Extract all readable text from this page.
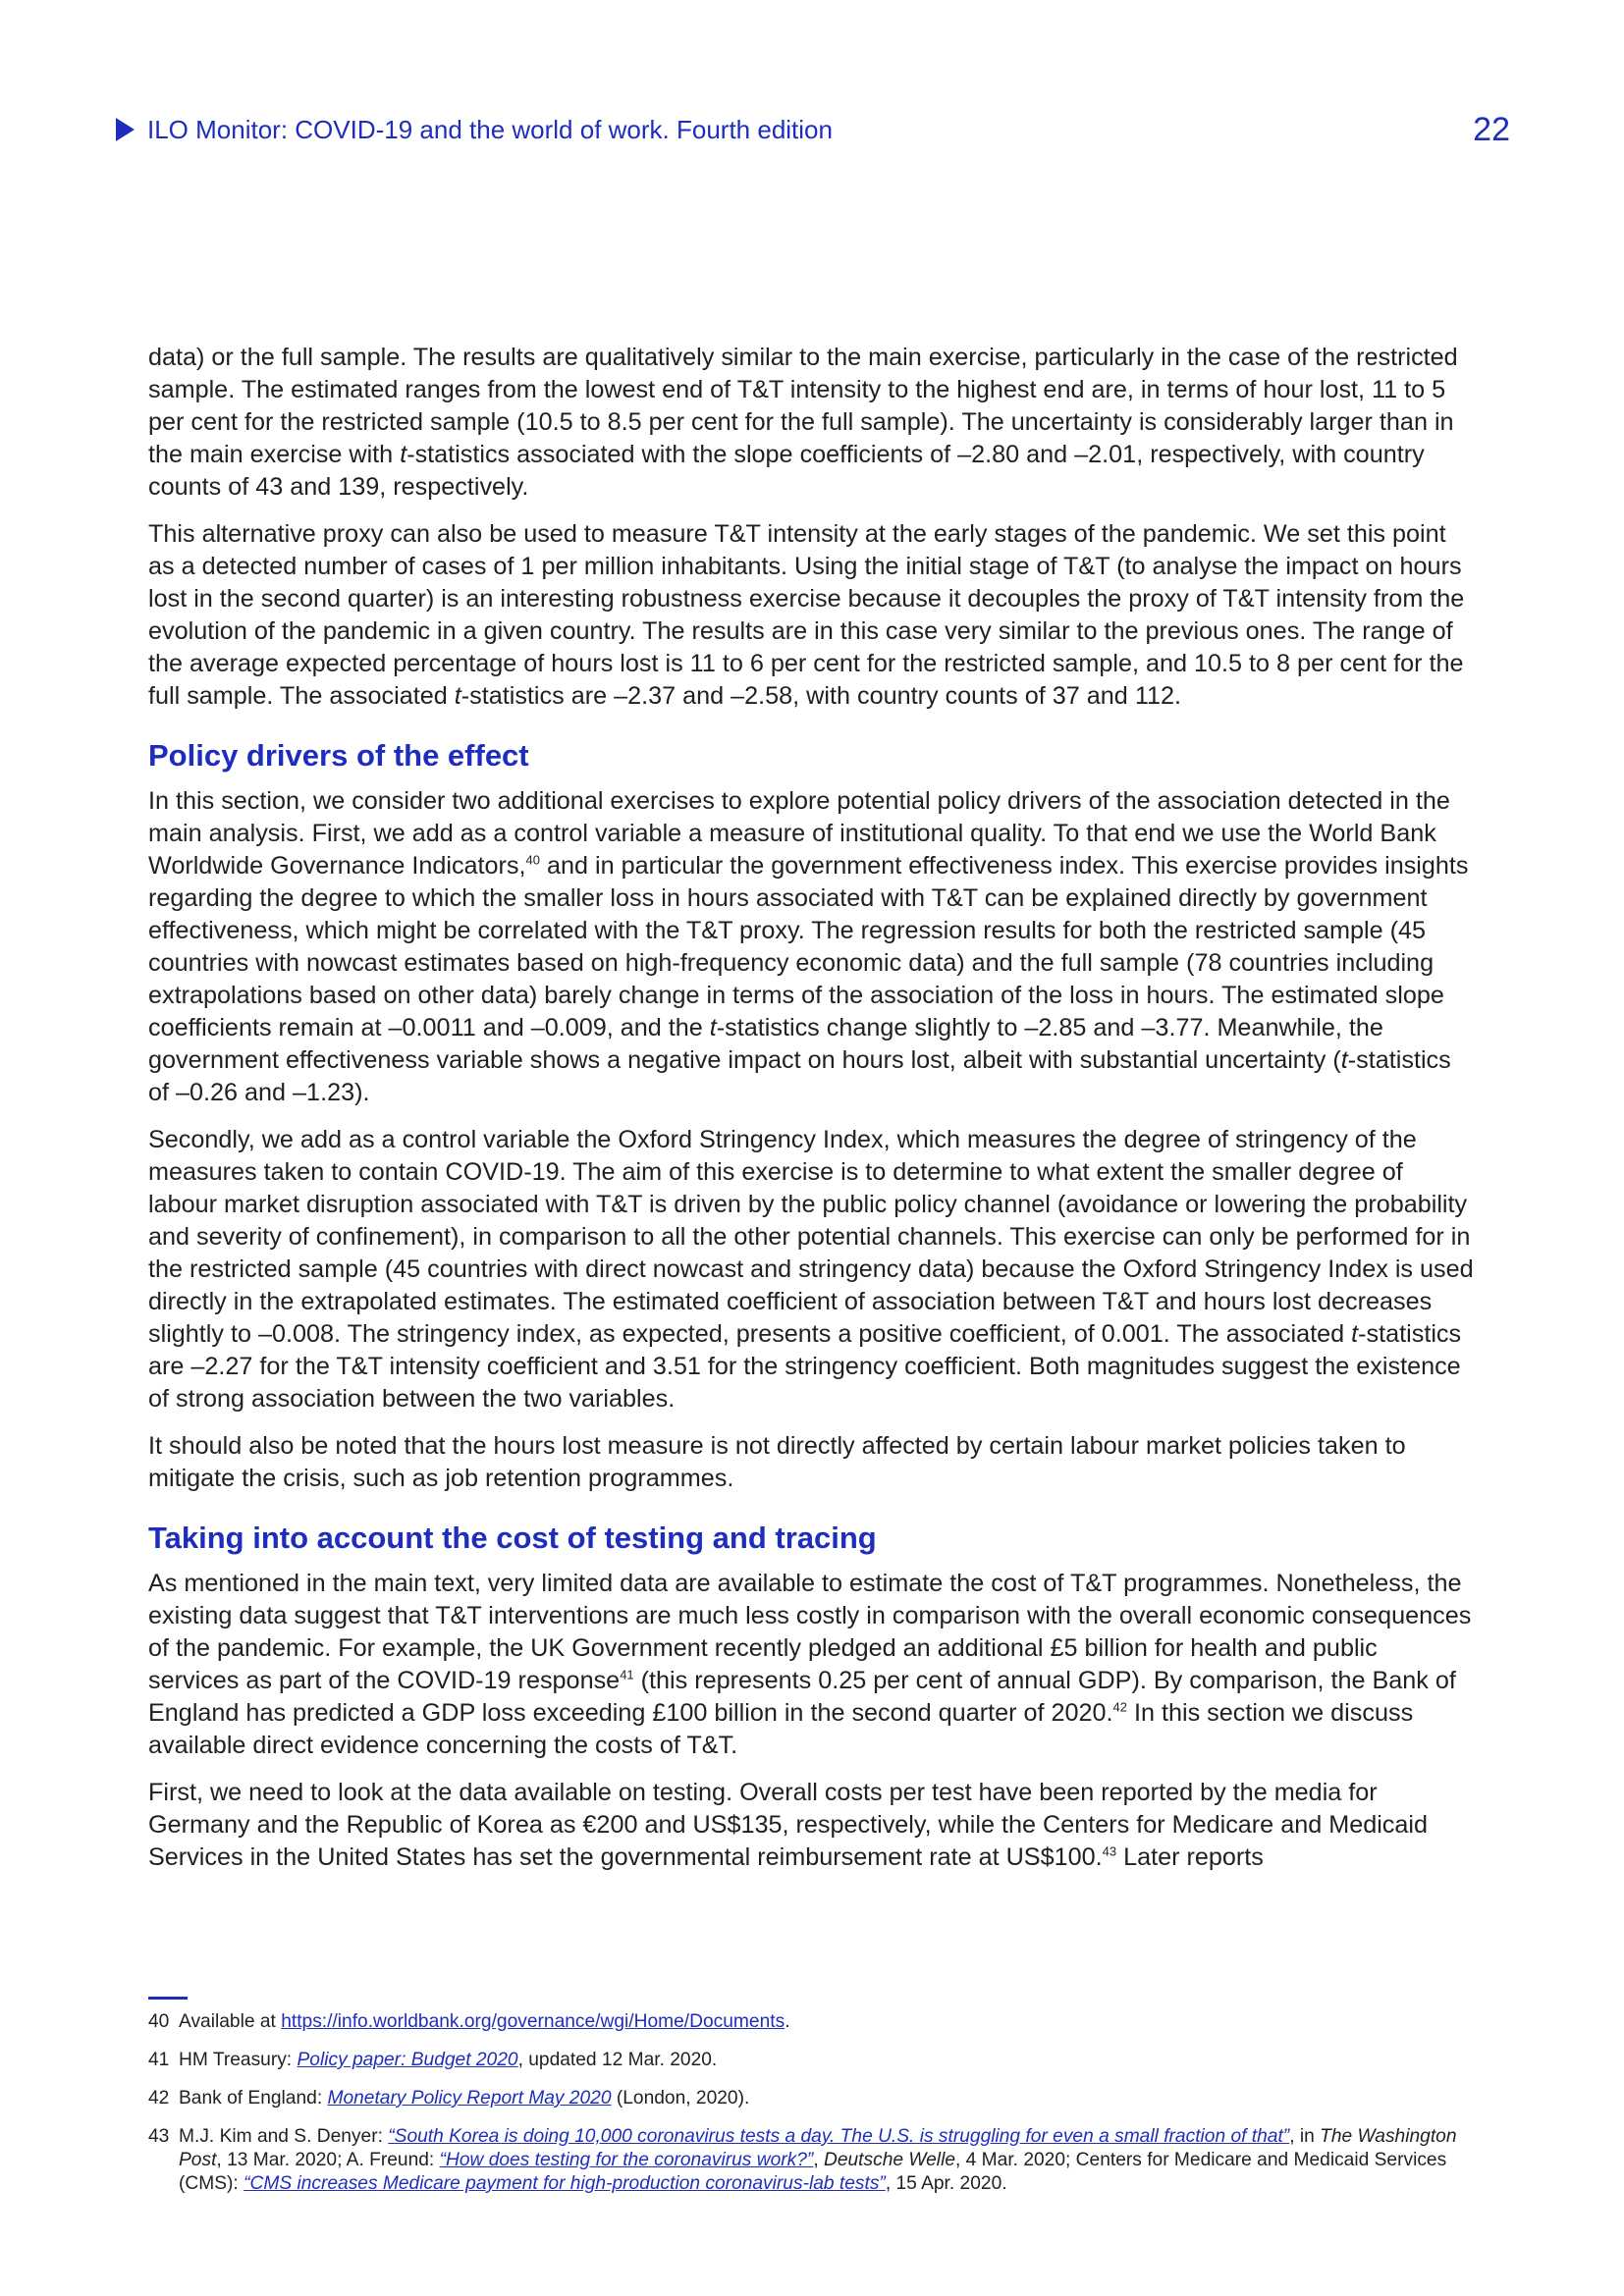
ILO Monitor: COVID-19 and the world of work. Fourth edition	22

data) or the full sample. The results are qualitatively similar to the main exercise, particularly in the case of the restricted sample. The estimated ranges from the lowest end of T&T intensity to the highest end are, in terms of hour lost, 11 to 5 per cent for the restricted sample (10.5 to 8.5 per cent for the full sample). The uncertainty is considerably larger than in the main exercise with t-statistics associated with the slope coefficients of –2.80 and –2.01, respectively, with country counts of 43 and 139, respectively.

This alternative proxy can also be used to measure T&T intensity at the early stages of the pandemic. We set this point as a detected number of cases of 1 per million inhabitants. Using the initial stage of T&T (to analyse the impact on hours lost in the second quarter) is an interesting robustness exercise because it decouples the proxy of T&T intensity from the evolution of the pandemic in a given country. The results are in this case very similar to the previous ones. The range of the average expected percentage of hours lost is 11 to 6 per cent for the restricted sample, and 10.5 to 8 per cent for the full sample. The associated t-statistics are –2.37 and –2.58, with country counts of 37 and 112.

Policy drivers of the effect

In this section, we consider two additional exercises to explore potential policy drivers of the association detected in the main analysis. First, we add as a control variable a measure of institutional quality. To that end we use the World Bank Worldwide Governance Indicators,$^{40}$ and in particular the government effectiveness index. This exercise provides insights regarding the degree to which the smaller loss in hours associated with T&T can be explained directly by government effectiveness, which might be correlated with the T&T proxy. The regression results for both the restricted sample (45 countries with nowcast estimates based on high-frequency economic data) and the full sample (78 countries including extrapolations based on other data) barely change in terms of the association of the loss in hours. The estimated slope coefficients remain at –0.0011 and –0.009, and the t-statistics change slightly to –2.85 and –3.77. Meanwhile, the government effectiveness variable shows a negative impact on hours lost, albeit with substantial uncertainty (t-statistics of –0.26 and –1.23).

Secondly, we add as a control variable the Oxford Stringency Index, which measures the degree of stringency of the measures taken to contain COVID-19. The aim of this exercise is to determine to what extent the smaller degree of labour market disruption associated with T&T is driven by the public policy channel (avoidance or lowering the probability and severity of confinement), in comparison to all the other potential channels. This exercise can only be performed for in the restricted sample (45 countries with direct nowcast and stringency data) because the Oxford Stringency Index is used directly in the extrapolated estimates. The estimated coefficient of association between T&T and hours lost decreases slightly to –0.008. The stringency index, as expected, presents a positive coefficient, of 0.001. The associated t-statistics are –2.27 for the T&T intensity coefficient and 3.51 for the stringency coefficient. Both magnitudes suggest the existence of strong association between the two variables.

It should also be noted that the hours lost measure is not directly affected by certain labour market policies taken to mitigate the crisis, such as job retention programmes.

Taking into account the cost of testing and tracing

As mentioned in the main text, very limited data are available to estimate the cost of T&T programmes. Nonetheless, the existing data suggest that T&T interventions are much less costly in comparison with the overall economic consequences of the pandemic. For example, the UK Government recently pledged an additional £5 billion for health and public services as part of the COVID-19 response$^{41}$ (this represents 0.25 per cent of annual GDP). By comparison, the Bank of England has predicted a GDP loss exceeding £100 billion in the second quarter of 2020.42 In this section we discuss available direct evidence concerning the costs of T&T.

First, we need to look at the data available on testing. Overall costs per test have been reported by the media for Germany and the Republic of Korea as €200 and US$135, respectively, while the Centers for Medicare and Medicaid Services in the United States has set the governmental reimbursement rate at US$100.43 Later reports

40 Available at https://info.worldbank.org/governance/wgi/Home/Documents.
41 HM Treasury: Policy paper: Budget 2020, updated 12 Mar. 2020.
42 Bank of England: Monetary Policy Report May 2020 (London, 2020).
43 M.J. Kim and S. Denyer: “South Korea is doing 10,000 coronavirus tests a day. The U.S. is struggling for even a small fraction of that”, in The Washington Post, 13 Mar. 2020; A. Freund: “How does testing for the coronavirus work?”, Deutsche Welle, 4 Mar. 2020; Centers for Medicare and Medicaid Services (CMS): “CMS increases Medicare payment for high-production coronavirus-lab tests”, 15 Apr. 2020.
